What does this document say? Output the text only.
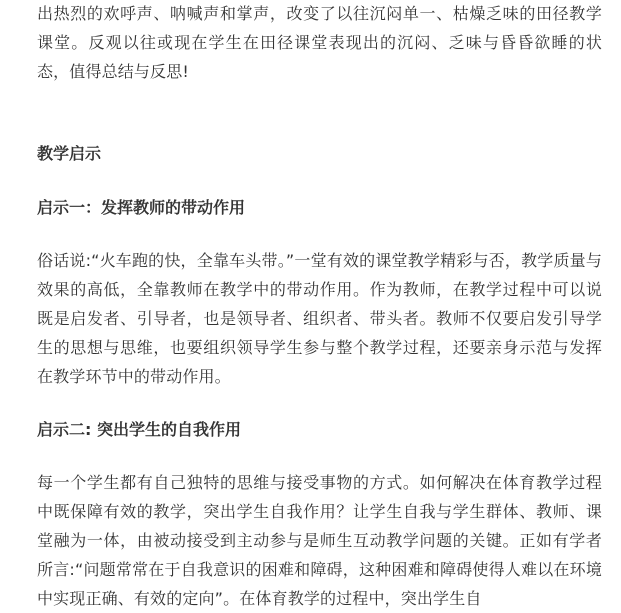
出热烈的欢呼声、呐喊声和掌声，改变了以往沉闷单一、枯燥乏味的田径教学课堂。反观以往或现在学生在田径课堂表现出的沉闷、乏味与昏昏欲睡的状态，值得总结与反思!

教学启示
启示一：发挥教师的带动作用

俗话说:“火车跑的快，全靠车头带。”一堂有效的课堂教学精彩与否，教学质量与效果的高低，全靠教师在教学中的带动作用。作为教师，在教学过程中可以说既是启发者、引导者，也是领导者、组织者、带头者。教师不仅要启发引导学生的思想与思维，也要组织领导学生参与整个教学过程，还要亲身示范与发挥在教学环节中的带动作用。

启示二: 突出学生的自我作用

每一个学生都有自己独特的思维与接受事物的方式。如何解决在体育教学过程中既保障有效的教学，突出学生自我作用？让学生自我与学生群体、教师、课堂融为一体，由被动接受到主动参与是师生互动教学问题的关键。正如有学者所言:“问题常常在于自我意识的困难和障碍，这种困难和障碍使得人难以在环境中实现正确、有效的定向”。在体育教学的过程中，突出学生自
